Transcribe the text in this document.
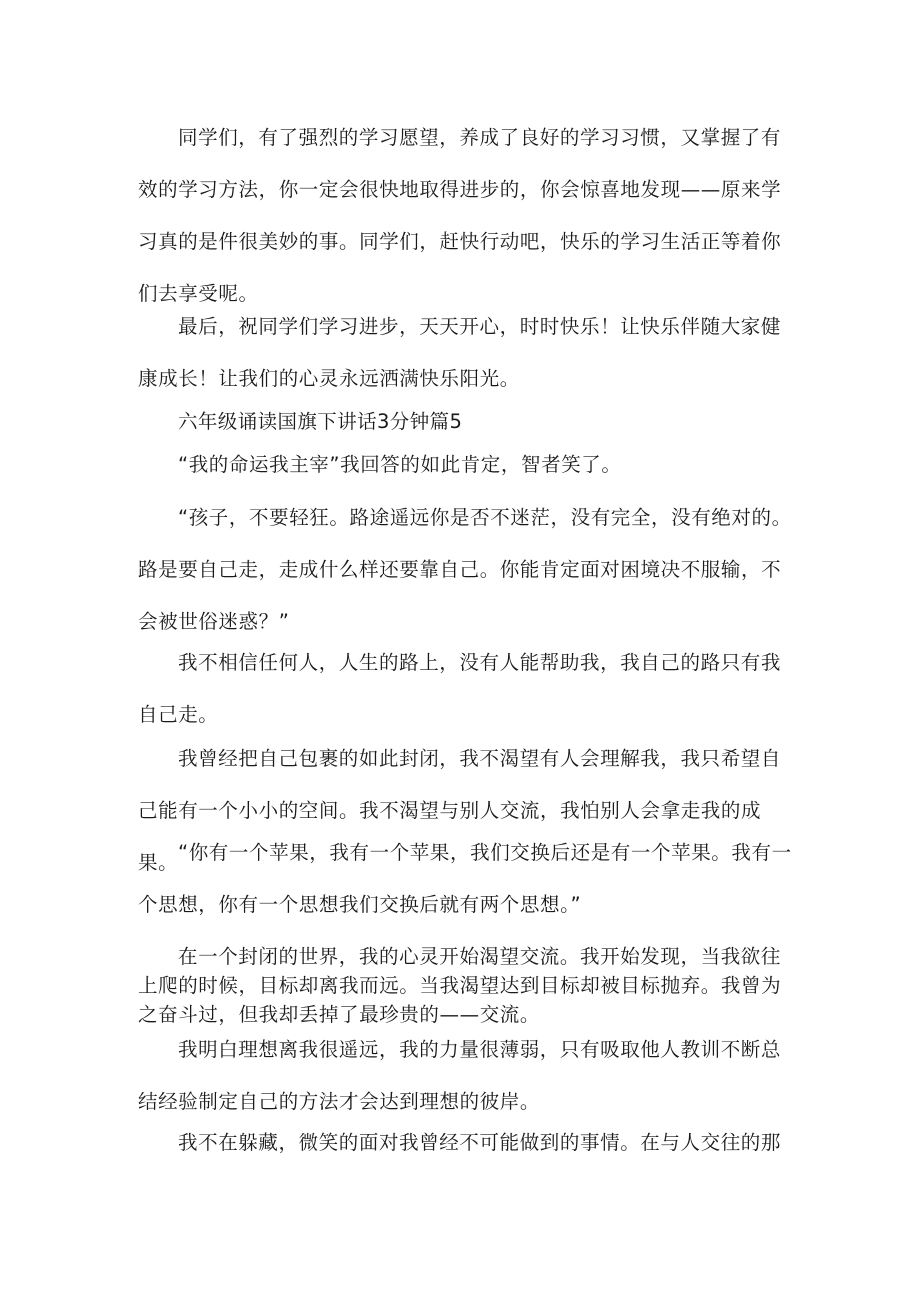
同学们，有了强烈的学习愿望，养成了良好的学习习惯，又掌握了有效的学习方法，你一定会很快地取得进步的，你会惊喜地发现——原来学习真的是件很美妙的事。同学们，赶快行动吧，快乐的学习生活正等着你们去享受呢。

最后，祝同学们学习进步，天天开心，时时快乐！让快乐伴随大家健康成长！让我们的心灵永远洒满快乐阳光。

六年级诵读国旗下讲话3分钟篇5

“我的命运我主宰”我回答的如此肯定，智者笑了。

“孩子，不要轻狂。路途遥远你是否不迷茫，没有完全，没有绝对的。路是要自己走，走成什么样还要靠自己。你能肯定面对困境决不服输，不会被世俗迷惑？”

我不相信任何人，人生的路上，没有人能帮助我，我自己的路只有我自己走。

我曾经把自己包裹的如此封闭，我不渴望有人会理解我，我只希望自己能有一个小小的空间。我不渴望与别人交流，我怕别人会拿走我的成果。 “你有一个苹果，我有一个苹果，我们交换后还是有一个苹果。我有一个思想，你有一个思想我们交换后就有两个思想。”

在一个封闭的世界，我的心灵开始渴望交流。我开始发现，当我欲往上爬的时候，目标却离我而远。当我渴望达到目标却被目标抛弃。我曾为之奋斗过，但我却丢掉了最珍贵的——交流。

我明白理想离我很遥远，我的力量很薄弱，只有吸取他人教训不断总结经验制定自己的方法才会达到理想的彼岸。

我不在躲藏，微笑的面对我曾经不可能做到的事情。在与人交往的那
